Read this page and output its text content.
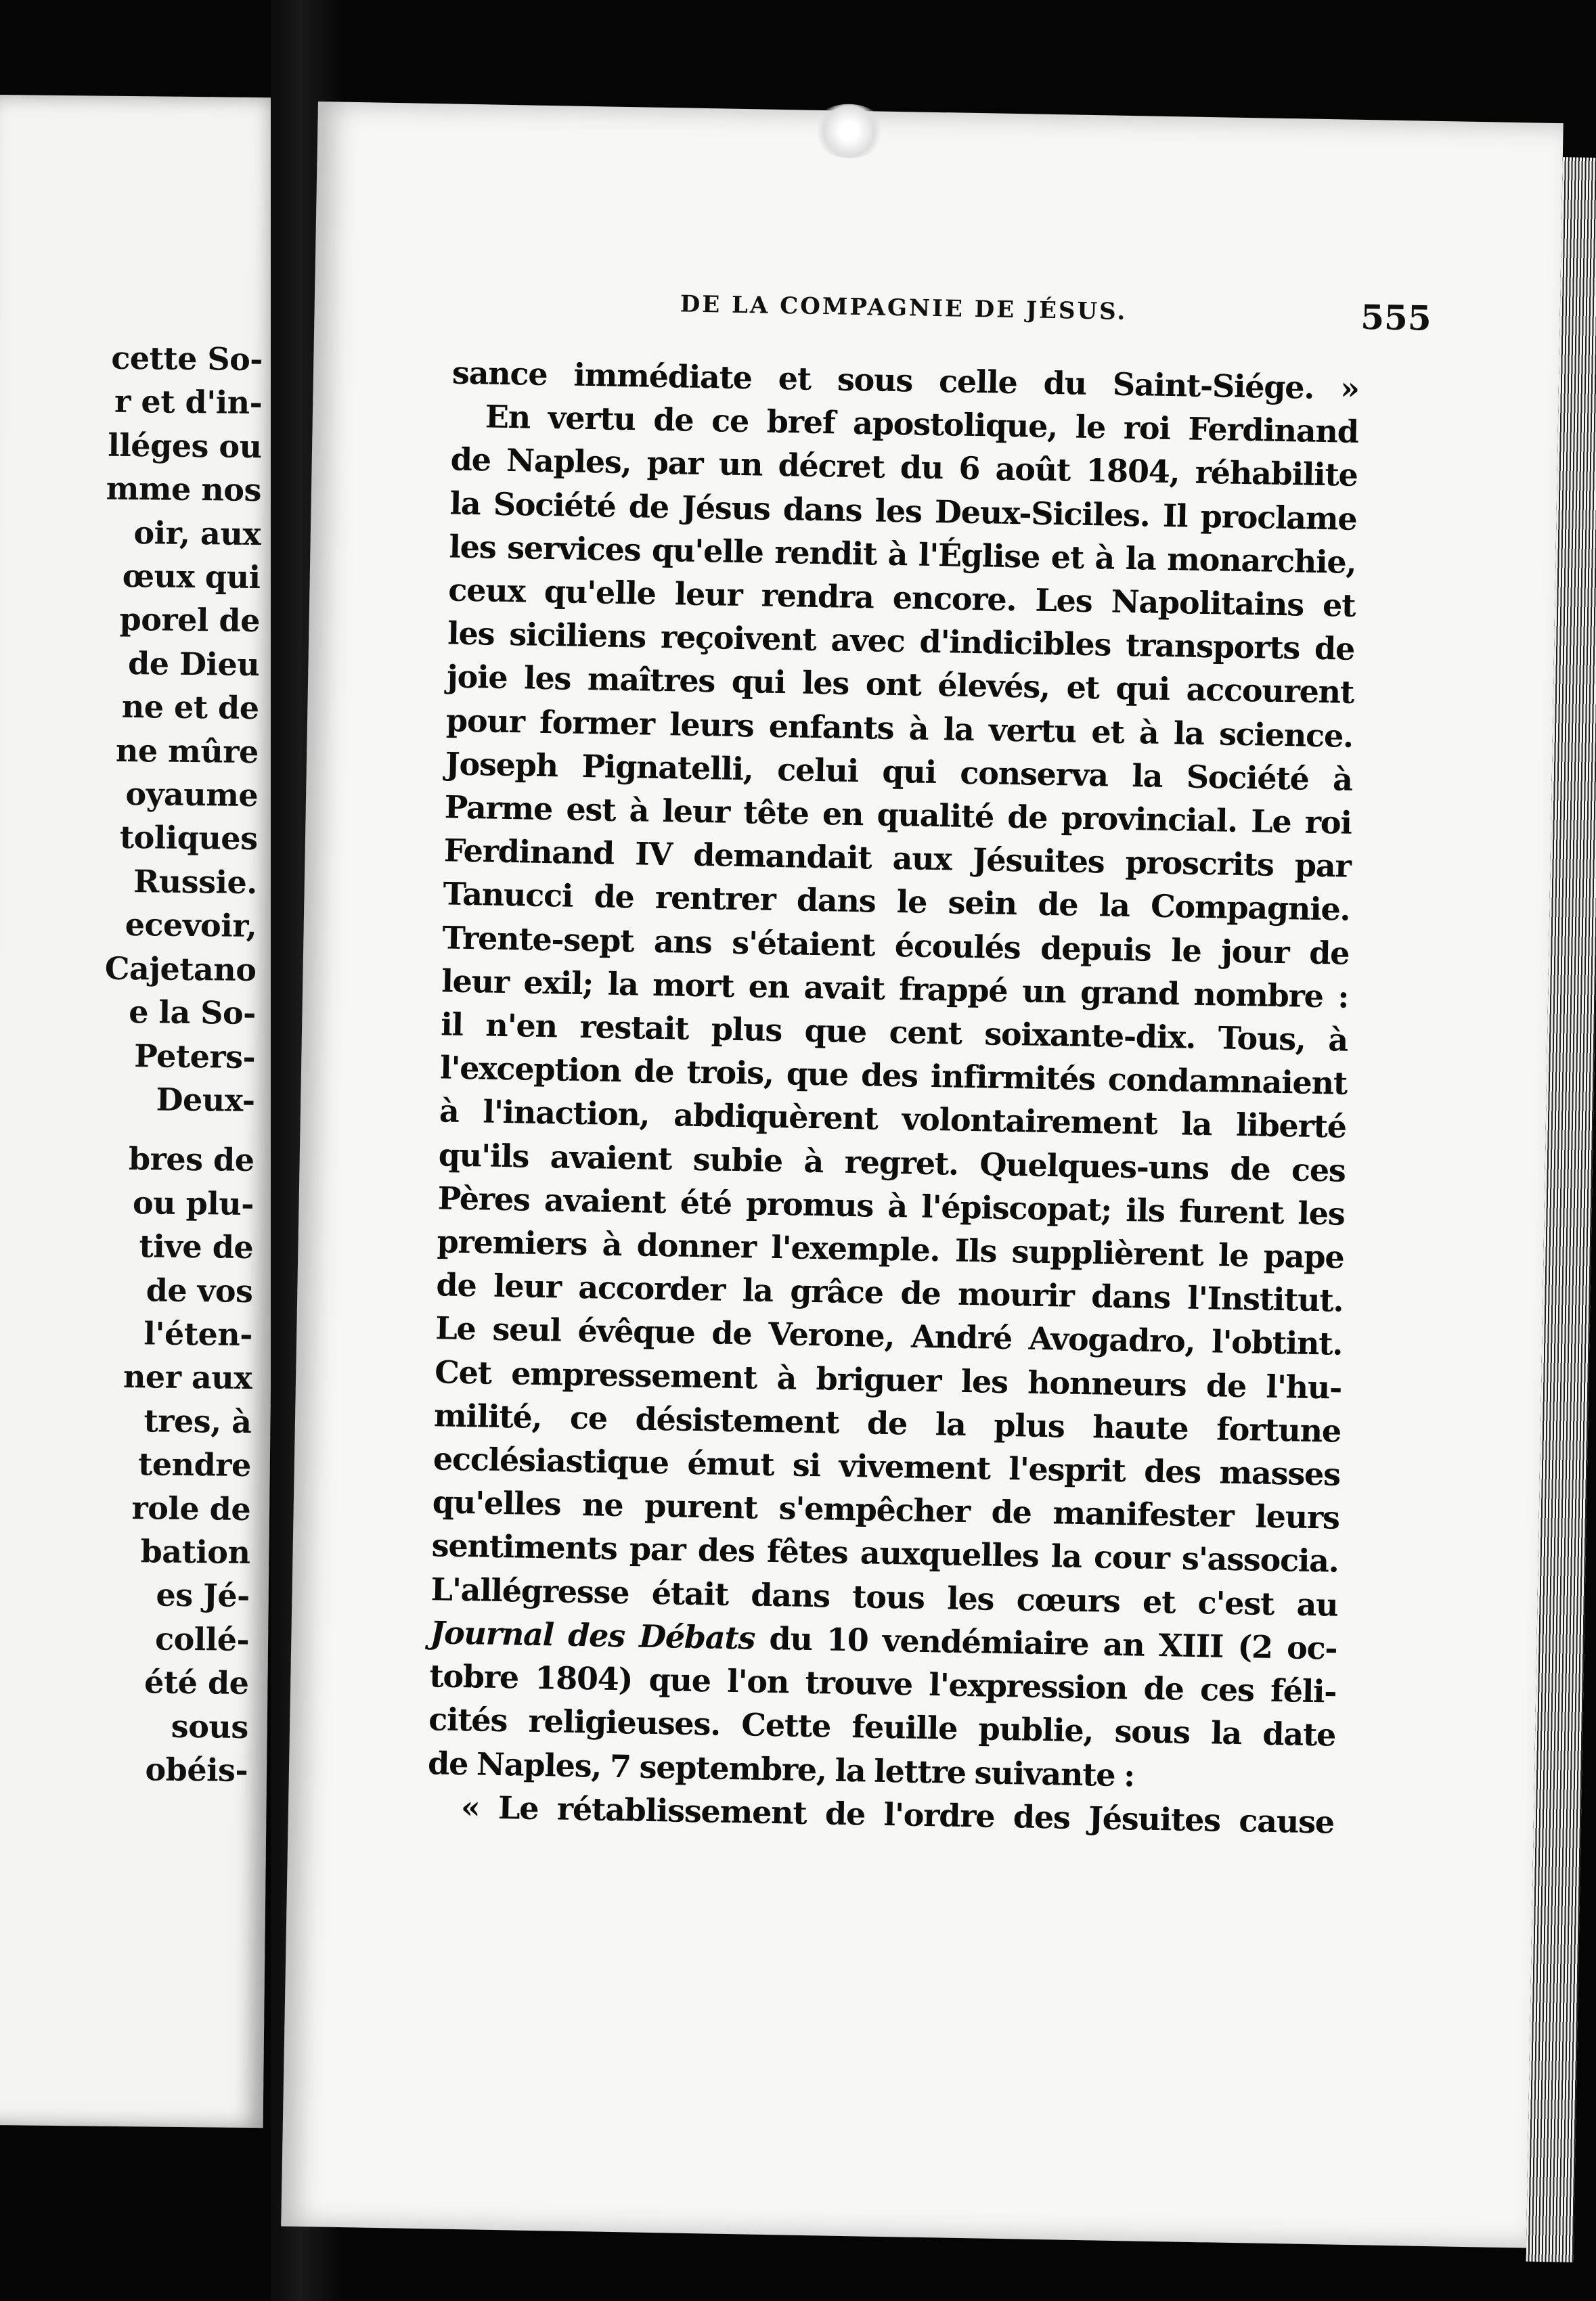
cette So-
r et d'in-
lléges ou
mme nos
oir, aux
œux qui
porel de
de Dieu
ne et de
ne mûre
oyaume
toliques
Russie.
ecevoir,
Cajetano
e la So-
Peters-
Deux-
bres de
ou plu-
tive de
de vos
l'éten-
ner aux
tres, à
tendre
role de
bation
es Jé-
collé-
été de
sous
obéis-
DE LA COMPAGNIE DE JÉSUS.	555
sance immédiate et sous celle du Saint-Siége. »
En vertu de ce bref apostolique, le roi Ferdinand
de Naples, par un décret du 6 août 1804, réhabilite
la Société de Jésus dans les Deux-Siciles. Il proclame
les services qu'elle rendit à l'Église et à la monarchie,
ceux qu'elle leur rendra encore. Les Napolitains et
les siciliens reçoivent avec d'indicibles transports de
joie les maîtres qui les ont élevés, et qui accourent
pour former leurs enfants à la vertu et à la science.
Joseph Pignatelli, celui qui conserva la Société à
Parme est à leur tête en qualité de provincial. Le roi
Ferdinand IV demandait aux Jésuites proscrits par
Tanucci de rentrer dans le sein de la Compagnie.
Trente-sept ans s'étaient écoulés depuis le jour de
leur exil; la mort en avait frappé un grand nombre :
il n'en restait plus que cent soixante-dix. Tous, à
l'exception de trois, que des infirmités condamnaient
à l'inaction, abdiquèrent volontairement la liberté
qu'ils avaient subie à regret. Quelques-uns de ces
Pères avaient été promus à l'épiscopat; ils furent les
premiers à donner l'exemple. Ils supplièrent le pape
de leur accorder la grâce de mourir dans l'Institut.
Le seul évêque de Verone, André Avogadro, l'obtint.
Cet empressement à briguer les honneurs de l'hu-
milité, ce désistement de la plus haute fortune
ecclésiastique émut si vivement l'esprit des masses
qu'elles ne purent s'empêcher de manifester leurs
sentiments par des fêtes auxquelles la cour s'associa.
L'allégresse était dans tous les cœurs et c'est au
Journal des Débats du 10 vendémiaire an XIII (2 oc-
tobre 1804) que l'on trouve l'expression de ces féli-
cités religieuses. Cette feuille publie, sous la date
de Naples, 7 septembre, la lettre suivante :
« Le rétablissement de l'ordre des Jésuites cause
